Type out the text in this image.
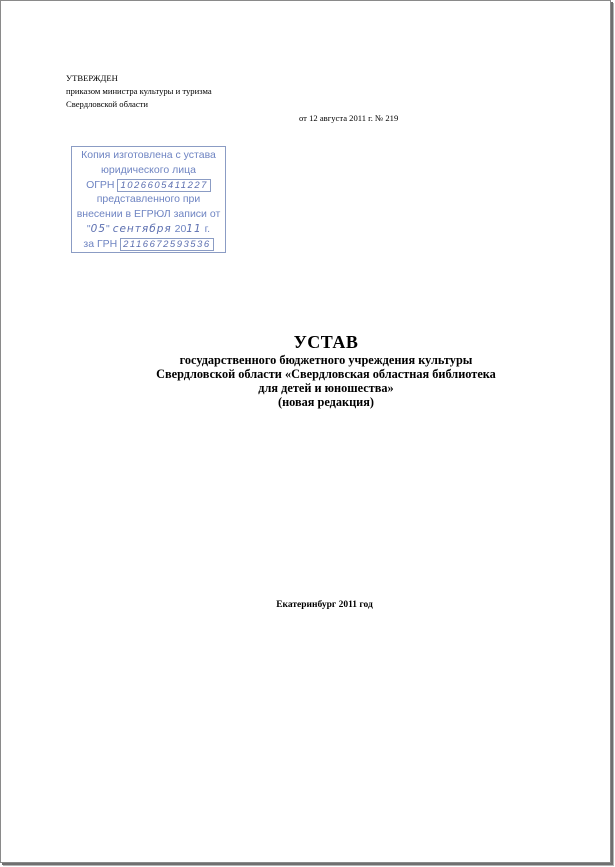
УТВЕРЖДЕН
приказом министра культуры и туризма
Свердловской области
от 12 августа 2011 г. № 219
Копия изготовлена с устава
юридического лица
ОГРН 1026605411227
представленного при
внесении в ЕГРЮЛ записи от
"05" сентября 2011 г.
за ГРН 2116672593536
УСТАВ
государственного бюджетного учреждения культуры
Свердловской области «Свердловская областная библиотека
для детей и юношества»
(новая редакция)
Екатеринбург 2011 год
